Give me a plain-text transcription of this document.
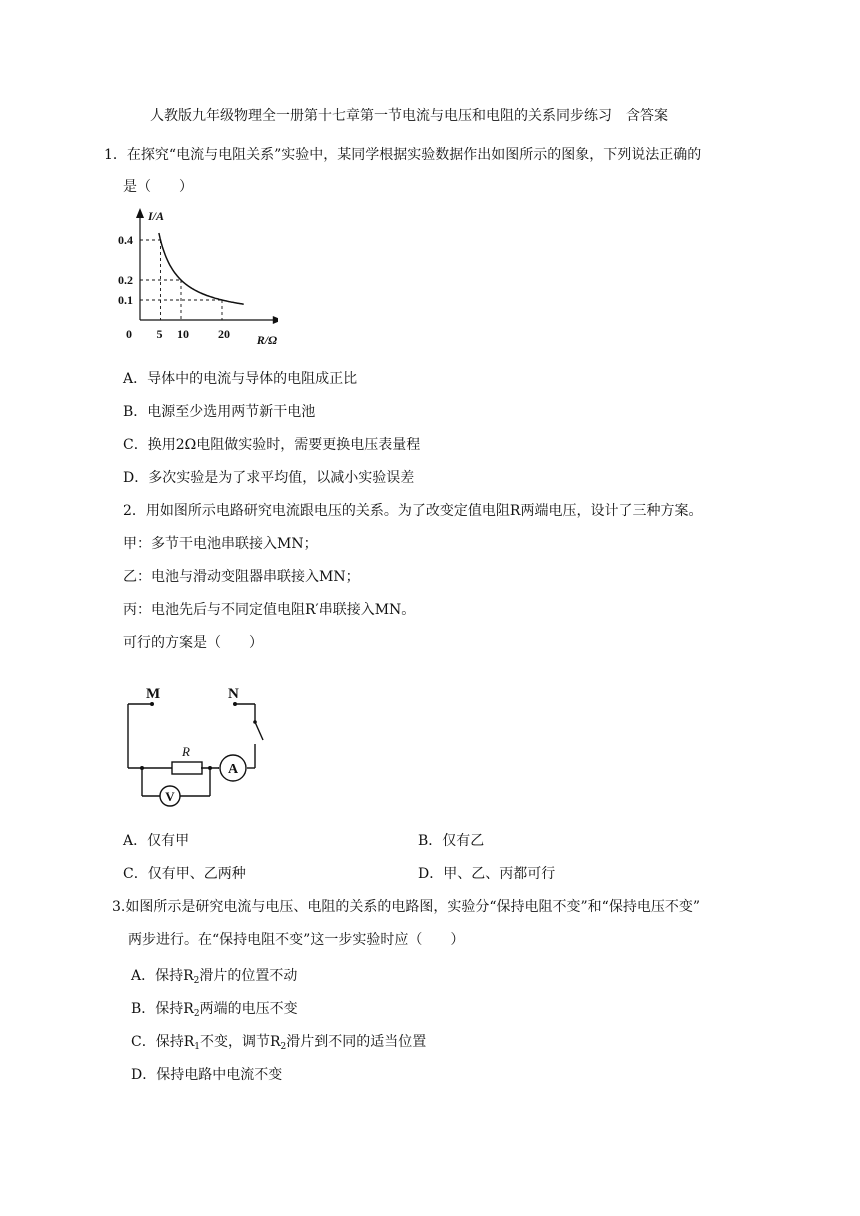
人教版九年级物理全一册第十七章第一节电流与电压和电阻的关系同步练习　含答案
1．在探究“电流与电阻关系”实验中，某同学根据实验数据作出如图所示的图象，下列说法正确的
是（　　）
I/A
R/Ω
0 5 10 20
0.4
0.2
0.1
A．导体中的电流与导体的电阻成正比
B．电源至少选用两节新干电池
C．换用2Ω电阻做实验时，需要更换电压表量程
D．多次实验是为了求平均值，以减小实验误差
2．用如图所示电路研究电流跟电压的关系。为了改变定值电阻R两端电压，设计了三种方案。
甲：多节干电池串联接入MN；
乙：电池与滑动变阻器串联接入MN；
丙：电池先后与不同定值电阻R′串联接入MN。
可行的方案是（　　）
M	N
R
A
V
A．仅有甲	B．仅有乙
C．仅有甲、乙两种	D．甲、乙、丙都可行
3.如图所示是研究电流与电压、电阻的关系的电路图，实验分“保持电阻不变”和“保持电压不变”
两步进行。在“保持电阻不变”这一步实验时应（　　）
A．保持$R_2$滑片的位置不动
B．保持$R_2$两端的电压不变
C．保持$R_1$不变，调节$R_2$滑片到不同的适当位置
D．保持电路中电流不变
